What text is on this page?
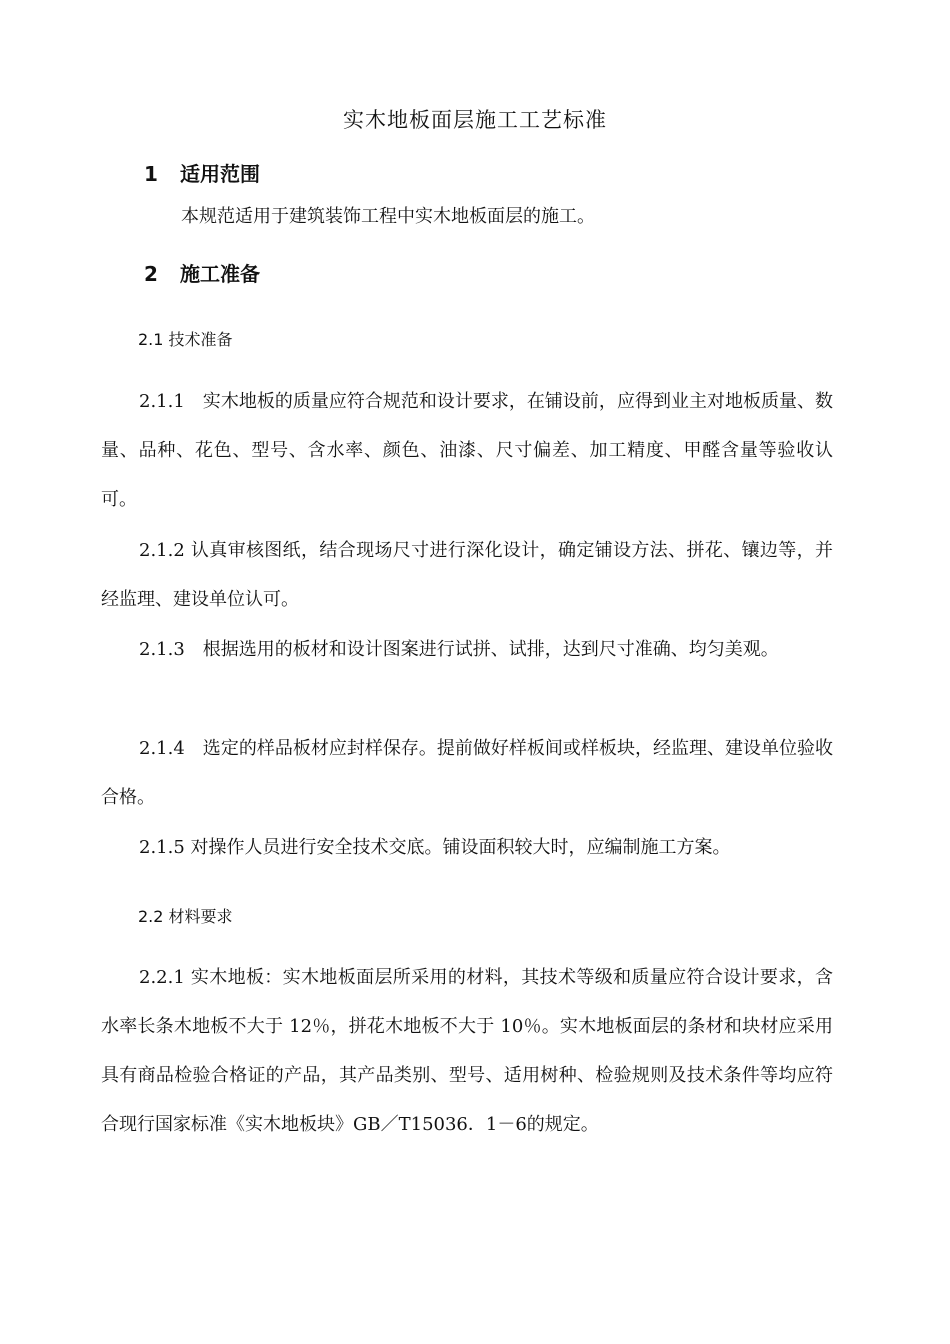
实木地板面层施工工艺标准
1 适用范围

本规范适用于建筑装饰工程中实木地板面层的施工。

2 施工准备
2.1 技术准备

2.1.1　实木地板的质量应符合规范和设计要求，在铺设前，应得到业主对地板质量、数量、品种、花色、型号、含水率、颜色、油漆、尺寸偏差、加工精度、甲醛含量等验收认可。

2.1.2 认真审核图纸，结合现场尺寸进行深化设计，确定铺设方法、拼花、镶边等，并经监理、建设单位认可。

2.1.3　根据选用的板材和设计图案进行试拼、试排，达到尺寸准确、均匀美观。

2.1.4　选定的样品板材应封样保存。提前做好样板间或样板块，经监理、建设单位验收合格。

2.1.5 对操作人员进行安全技术交底。铺设面积较大时，应编制施工方案。

2.2 材料要求

2.2.1 实木地板：实木地板面层所采用的材料，其技术等级和质量应符合设计要求，含水率长条木地板不大于 12％，拼花木地板不大于 10％。实木地板面层的条材和块材应采用具有商品检验合格证的产品，其产品类别、型号、适用树种、检验规则及技术条件等均应符合现行国家标准《实木地板块》GB／T15036．1－6的规定。
